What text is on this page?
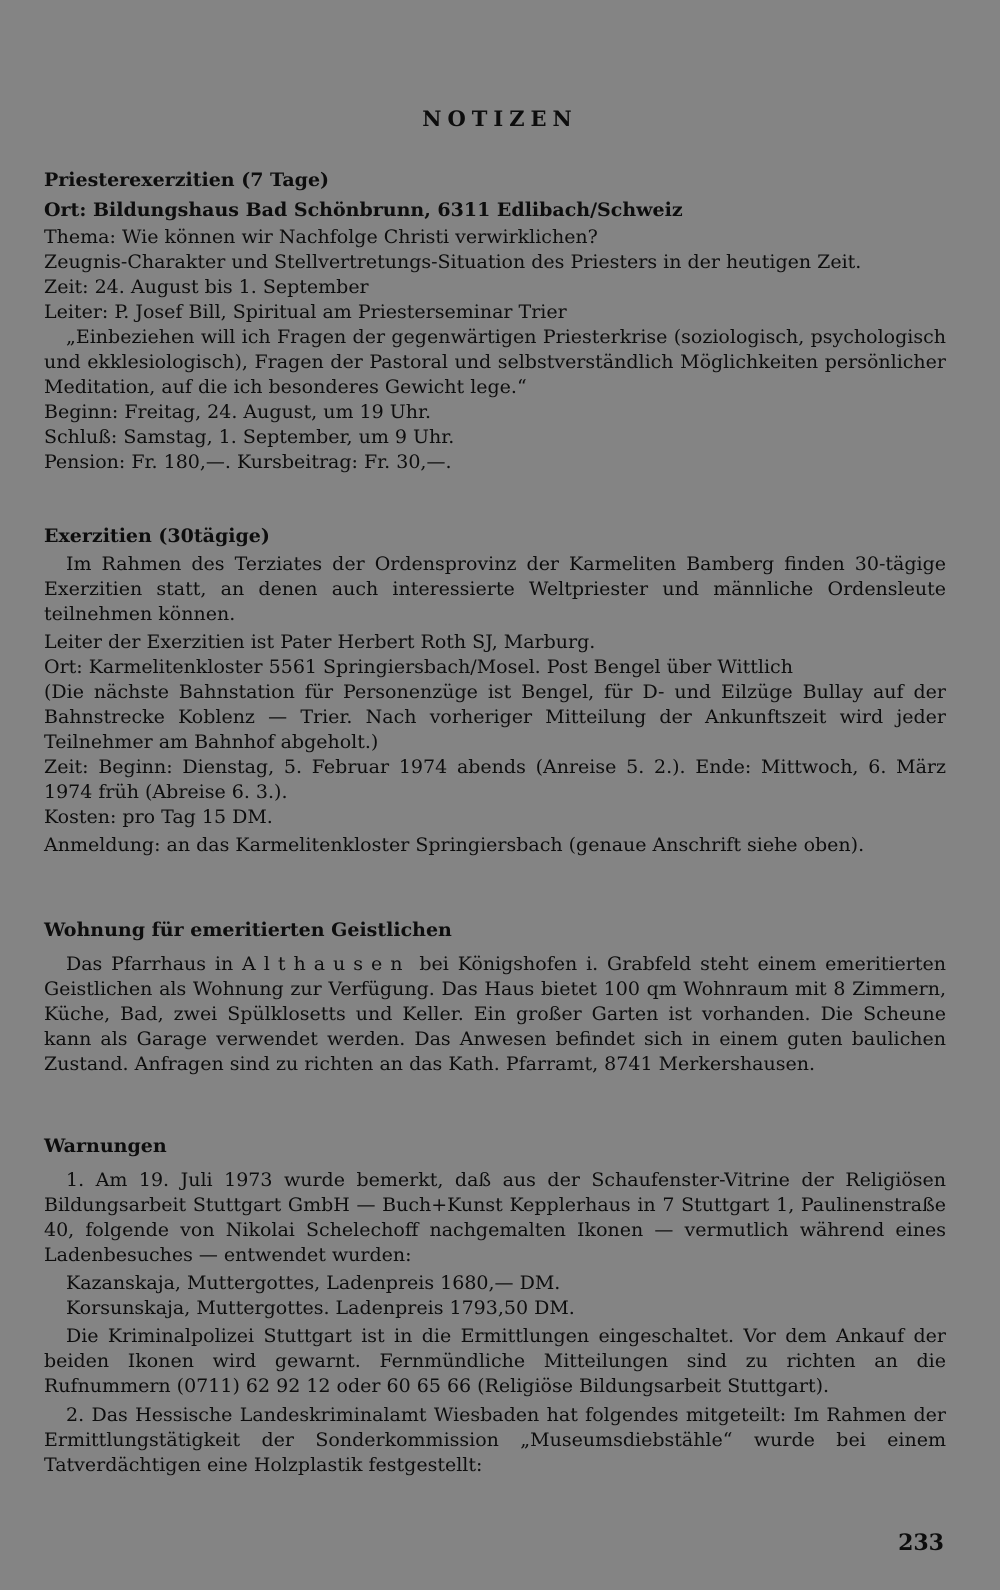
NOTIZEN
Priesterexerzitien (7 Tage)
Ort: Bildungshaus Bad Schönbrunn, 6311 Edlibach/Schweiz

Thema: Wie können wir Nachfolge Christi verwirklichen?

Zeugnis-Charakter und Stellvertretungs-Situation des Priesters in der heutigen Zeit.

Zeit: 24. August bis 1. September

Leiter: P. Josef Bill, Spiritual am Priesterseminar Trier

„Einbeziehen will ich Fragen der gegenwärtigen Priesterkrise (soziologisch, psychologisch und ekklesiologisch), Fragen der Pastoral und selbstverständlich Möglichkeiten persönlicher Meditation, auf die ich besonderes Gewicht lege.“

Beginn: Freitag, 24. August, um 19 Uhr.

Schluß: Samstag, 1. September, um 9 Uhr.

Pension: Fr. 180,—. Kursbeitrag: Fr. 30,—.

Exerzitien (30tägige)

Im Rahmen des Terziates der Ordensprovinz der Karmeliten Bamberg finden 30-tägige Exerzitien statt, an denen auch interessierte Weltpriester und männliche Ordensleute teilnehmen können.

Leiter der Exerzitien ist Pater Herbert Roth SJ, Marburg.

Ort: Karmelitenkloster 5561 Springiersbach/Mosel. Post Bengel über Wittlich

(Die nächste Bahnstation für Personenzüge ist Bengel, für D- und Eilzüge Bullay auf der Bahnstrecke Koblenz — Trier. Nach vorheriger Mitteilung der Ankunftszeit wird jeder Teilnehmer am Bahnhof abgeholt.)

Zeit: Beginn: Dienstag, 5. Februar 1974 abends (Anreise 5. 2.). Ende: Mittwoch, 6. März 1974 früh (Abreise 6. 3.).

Kosten: pro Tag 15 DM.

Anmeldung: an das Karmelitenkloster Springiersbach (genaue Anschrift siehe oben).

Wohnung für emeritierten Geistlichen

Das Pfarrhaus in Althausen bei Königshofen i. Grabfeld steht einem emeritierten Geistlichen als Wohnung zur Verfügung. Das Haus bietet 100 qm Wohnraum mit 8 Zimmern, Küche, Bad, zwei Spülklosetts und Keller. Ein großer Garten ist vorhanden. Die Scheune kann als Garage verwendet werden. Das Anwesen befindet sich in einem guten baulichen Zustand. Anfragen sind zu richten an das Kath. Pfarramt, 8741 Merkershausen.

Warnungen

1. Am 19. Juli 1973 wurde bemerkt, daß aus der Schaufenster-Vitrine der Religiösen Bildungsarbeit Stuttgart GmbH — Buch+Kunst Kepplerhaus in 7 Stuttgart 1, Paulinenstraße 40, folgende von Nikolai Schelechoff nachgemalten Ikonen — vermutlich während eines Ladenbesuches — entwendet wurden:

Kazanskaja, Muttergottes, Ladenpreis 1680,— DM.

Korsunskaja, Muttergottes. Ladenpreis 1793,50 DM.

Die Kriminalpolizei Stuttgart ist in die Ermittlungen eingeschaltet. Vor dem Ankauf der beiden Ikonen wird gewarnt. Fernmündliche Mitteilungen sind zu richten an die Rufnummern (0711) 62 92 12 oder 60 65 66 (Religiöse Bildungsarbeit Stuttgart).

2. Das Hessische Landeskriminalamt Wiesbaden hat folgendes mitgeteilt: Im Rahmen der Ermittlungstätigkeit der Sonderkommission „Museumsdiebstähle“ wurde bei einem Tatverdächtigen eine Holzplastik festgestellt:

233
